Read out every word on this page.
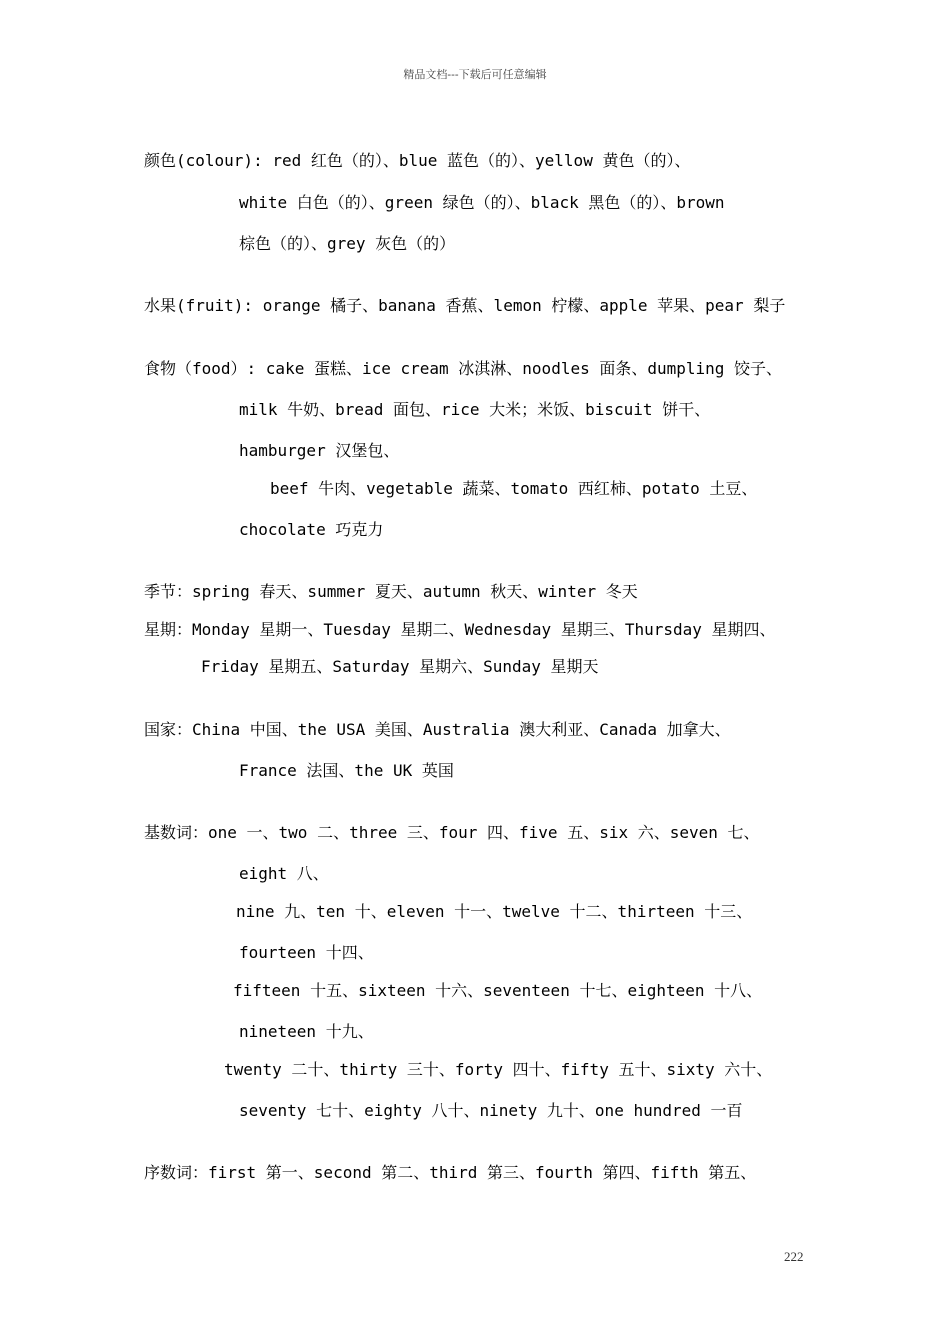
精品文档---下载后可任意编辑
颜色(colour): red 红色（的）、blue 蓝色（的）、yellow 黄色（的）、
white 白色（的）、green 绿色（的）、black 黑色（的）、brown
棕色（的）、grey 灰色（的）
水果(fruit): orange 橘子、banana 香蕉、lemon 柠檬、apple 苹果、pear 梨子
食物（food）: cake 蛋糕、ice cream 冰淇淋、noodles 面条、dumpling 饺子、
milk 牛奶、bread 面包、rice 大米；米饭、biscuit 饼干、
hamburger 汉堡包、
beef 牛肉、vegetable 蔬菜、tomato 西红柿、potato 土豆、
chocolate 巧克力
季节：spring 春天、summer 夏天、autumn 秋天、winter 冬天
星期：Monday 星期一、Tuesday 星期二、Wednesday 星期三、Thursday 星期四、
Friday 星期五、Saturday 星期六、Sunday 星期天
国家：China 中国、the USA 美国、Australia 澳大利亚、Canada 加拿大、
France 法国、the UK 英国
基数词：one 一、two 二、three 三、four 四、five 五、six 六、seven 七、
eight 八、
nine 九、ten 十、eleven 十一、twelve 十二、thirteen 十三、
fourteen 十四、
fifteen 十五、sixteen 十六、seventeen 十七、eighteen 十八、
nineteen 十九、
twenty 二十、thirty 三十、forty 四十、fifty 五十、sixty 六十、
seventy 七十、eighty 八十、ninety 九十、one hundred 一百
序数词：first 第一、second 第二、third 第三、fourth 第四、fifth 第五、
222
